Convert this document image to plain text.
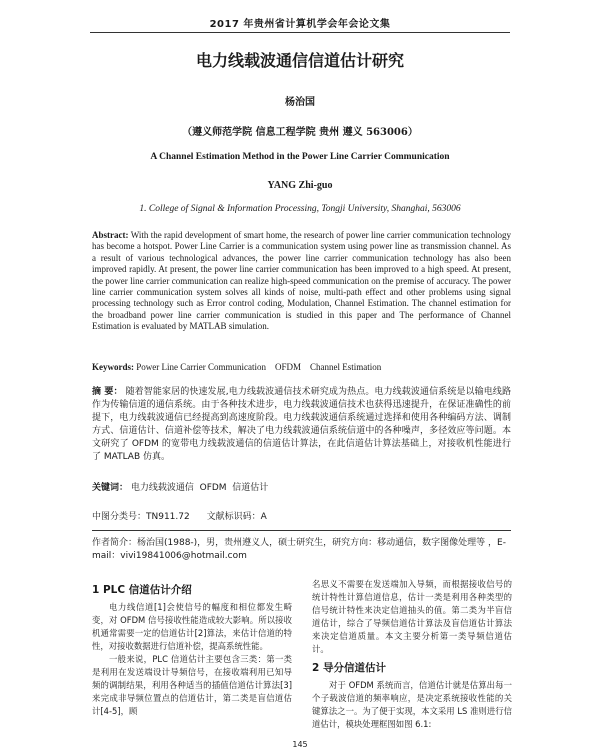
2017 年贵州省计算机学会年会论文集
电力线载波通信信道估计研究
杨治国
（遵义师范学院 信息工程学院 贵州 遵义 563006）
A Channel Estimation Method in the Power Line Carrier Communication
YANG Zhi-guo
1. College of Signal & Information Processing, Tongji University, Shanghai, 563006
Abstract: With the rapid development of smart home, the research of power line carrier communication technology has become a hotspot. Power Line Carrier is a communication system using power line as transmission channel. As a result of various technological advances, the power line carrier communication technology has also been improved rapidly. At present, the power line carrier communication has been improved to a high speed. At present, the power line carrier communication can realize high-speed communication on the premise of accuracy. The power line carrier communication system solves all kinds of noise, multi-path effect and other problems using signal processing technology such as Error control coding, Modulation, Channel Estimation. The channel estimation for the broadband power line carrier communication is studied in this paper and The performance of Channel Estimation is evaluated by MATLAB simulation.
Keywords: Power Line Carrier Communication    OFDM    Channel Estimation
摘 要： 随着智能家居的快速发展,电力线载波通信技术研究成为热点。电力线载波通信系统是以输电线路作为传输信道的通信系统。由于各种技术进步，电力线载波通信技术也获得迅速提升，在保证准确性的前提下，电力线载波通信已经提高到高速度阶段。电力线载波通信系统通过选择和使用各种编码方法、调制方式、信道估计、信道补偿等技术，解决了电力线载波通信系统信道中的各种噪声，多径效应等问题。本文研究了 OFDM 的宽带电力线载波通信的信道估计算法，在此信道估计算法基础上，对接收机性能进行了 MATLAB 仿真。
关键词： 电力线载波通信  OFDM  信道估计
中图分类号：TN911.72 文献标识码：A
作者简介：杨治国(1988-)，男，贵州遵义人，硕士研究生，研究方向：移动通信，数字图像处理等 ，E-mail：vivi19841006@hotmail.com
1 PLC 信道估计介绍

电力线信道[1]会使信号的幅度和相位都发生畸变，对 OFDM 信号接收性能造成较大影响。所以接收机通常需要一定的信道估计[2]算法，来估计信道的特性，对接收数据进行信道补偿，提高系统性能。

一般来说，PLC 信道估计主要包含三类：第一类是利用在发送端设计导频信号，在接收端利用已知导频的调制结果，利用各种适当的插值信道估计算法[3]来完成非导频位置点的信道估计，第二类是盲信道估计[4-5]，顾

名思义不需要在发送端加入导频，而根据接收信号的统计特性计算信道信息，估计一类是利用各种类型的信号统计特性来决定信道抽头的值。第二类为半盲信道估计，综合了导频信道估计算法及盲信道估计算法来决定信道质量。本文主要分析第一类导频信道估计。

2 导分信道估计

对于 OFDM 系统而言，信道估计就是估算出每一个子载波信道的频率响应，是决定系统接收性能的关键算法之一。为了便于实现，本文采用 LS 准则进行信道估计，模块处理框图如图 6.1:

145
